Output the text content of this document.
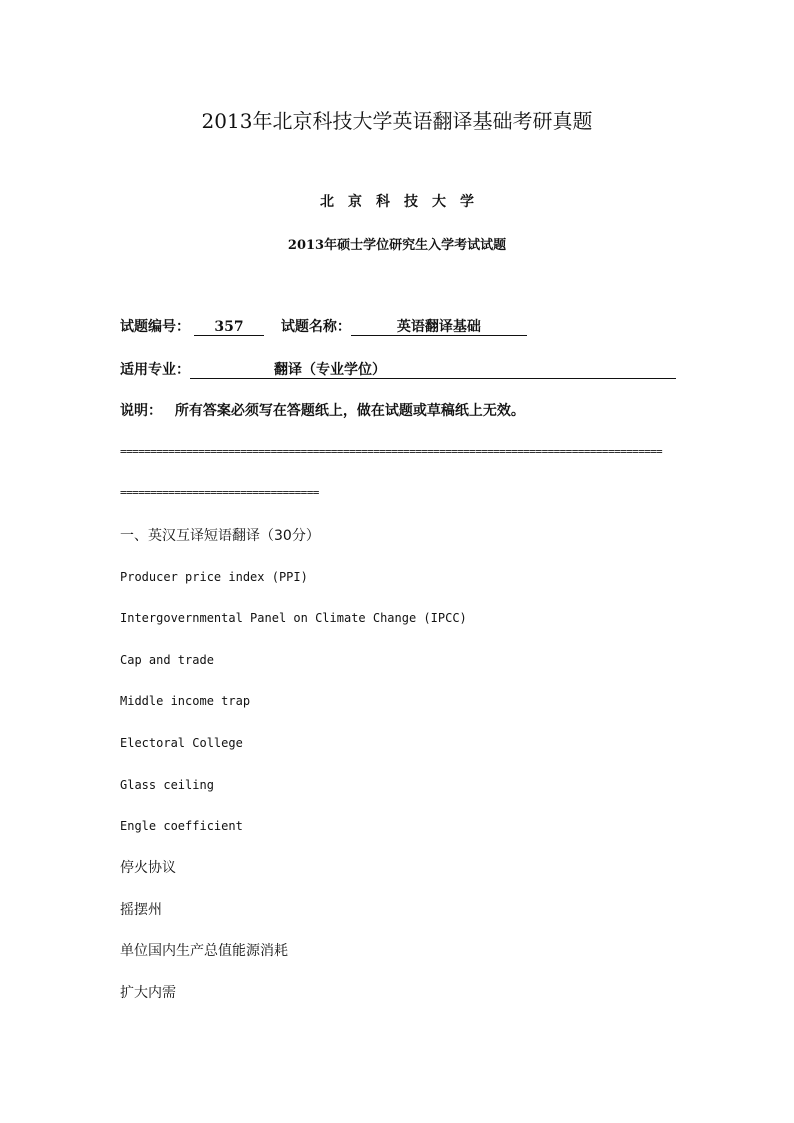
2013年北京科技大学英语翻译基础考研真题
北京科技大学
2013年硕士学位研究生入学考试试题
试题编号： 357	试题名称：	英语翻译基础
适用专业：	翻译（专业学位）
说明： 所有答案必须写在答题纸上，做在试题或草稿纸上无效。
==========================================================================================
=================================
一、英汉互译短语翻译（30分）
Producer price index (PPI)
Intergovernmental Panel on Climate Change (IPCC)
Cap and trade
Middle income trap
Electoral College
Glass ceiling
Engle coefficient
停火协议
摇摆州
单位国内生产总值能源消耗
扩大内需
